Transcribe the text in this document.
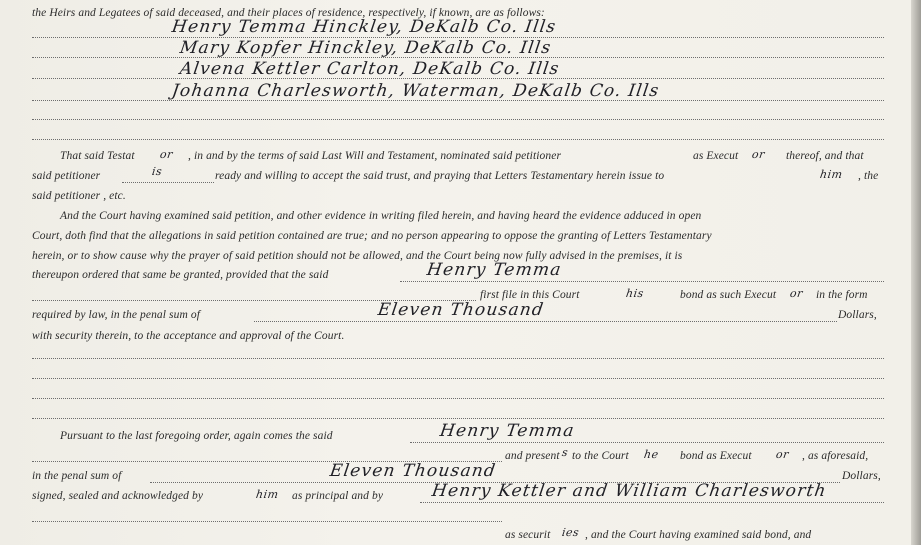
the Heirs and Legatees of said deceased, and their places of residence, respectively, if known, are as follows:
Henry Temma Hinckley, DeKalb Co. Ills
Mary Kopfer Hinckley, DeKalb Co. Ills
Alvena Kettler Carlton, DeKalb Co. Ills
Johanna Charlesworth, Waterman, DeKalb Co. Ills
That said Testat or , in and by the terms of said Last Will and Testament, nominated said petitioner	as Execut or thereof, and that
said petitioner	is	ready and willing to accept the said trust, and praying that Letters Testamentary herein issue to	him , the
said petitioner , etc.
And the Court having examined said petition, and other evidence in writing filed herein, and having heard the evidence adduced in open
Court, doth find that the allegations in said petition contained are true; and no person appearing to oppose the granting of Letters Testamentary
herein, or to show cause why the prayer of said petition should not be allowed, and the Court being now fully advised in the premises, it is
thereupon ordered that same be granted, provided that the said	Henry Temma
first file in this Court	his	bond as such Execut or in the form
required by law, in the penal sum of	Eleven Thousand	Dollars,
with security therein, to the acceptance and approval of the Court.
Pursuant to the last foregoing order, again comes the said	Henry Temma
and present s to the Court he bond as Execut or , as aforesaid,
in the penal sum of	Eleven Thousand	Dollars,
signed, sealed and acknowledged by	him as principal and by	Henry Kettler and William Charlesworth
as securit ies , and the Court having examined said bond, and
